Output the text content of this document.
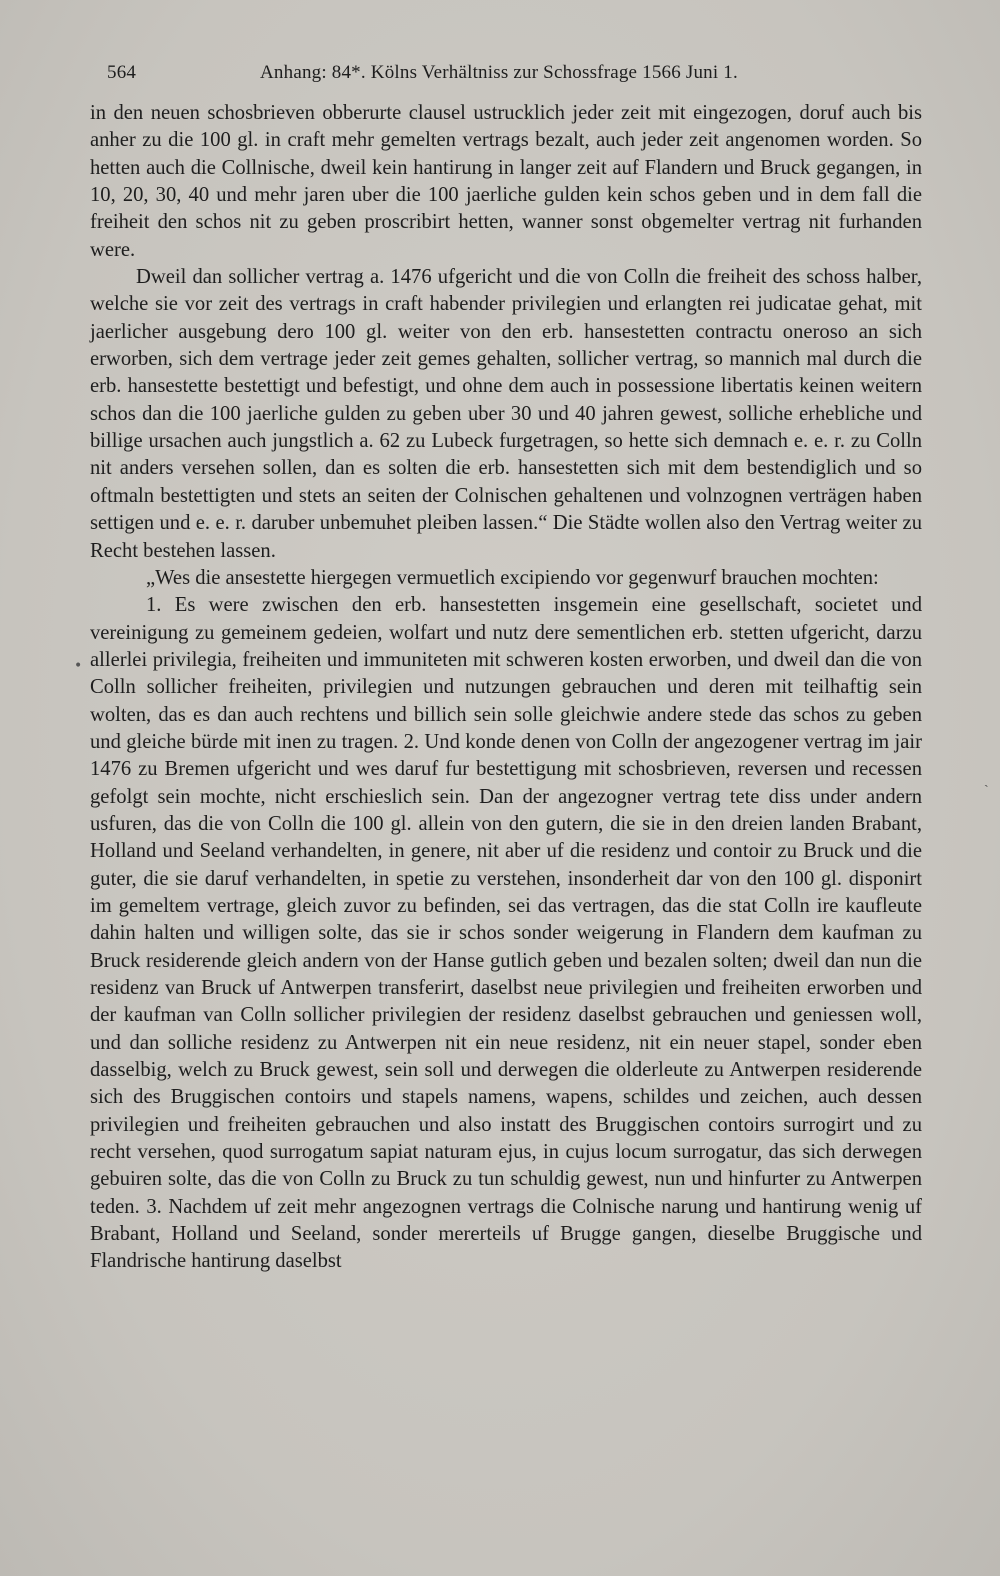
564	Anhang: 84*. Kölns Verhältniss zur Schossfrage 1566 Juni 1.

in den neuen schosbrieven obberurte clausel ustrucklich jeder zeit mit eingezogen, doruf auch bis anher zu die 100 gl. in craft mehr gemelten vertrags bezalt, auch jeder zeit angenomen worden. So hetten auch die Collnische, dweil kein hantirung in langer zeit auf Flandern und Bruck gegangen, in 10, 20, 30, 40 und mehr jaren uber die 100 jaerliche gulden kein schos geben und in dem fall die freiheit den schos nit zu geben proscribirt hetten, wanner sonst obgemelter vertrag nit furhanden were.

Dweil dan sollicher vertrag a. 1476 ufgericht und die von Colln die freiheit des schoss halber, welche sie vor zeit des vertrags in craft habender privilegien und erlangten rei judicatae gehat, mit jaerlicher ausgebung dero 100 gl. weiter von den erb. hansestetten contractu oneroso an sich erworben, sich dem vertrage jeder zeit gemes gehalten, sollicher vertrag, so mannich mal durch die erb. hansestette bestettigt und befestigt, und ohne dem auch in possessione libertatis keinen weitern schos dan die 100 jaerliche gulden zu geben uber 30 und 40 jahren gewest, solliche erhebliche und billige ursachen auch jungstlich a. 62 zu Lubeck furgetragen, so hette sich demnach e. e. r. zu Colln nit anders versehen sollen, dan es solten die erb. hansestetten sich mit dem bestendiglich und so oftmaln bestettigten und stets an seiten der Colnischen gehaltenen und volnzognen verträgen haben settigen und e. e. r. daruber unbemuhet pleiben lassen.“ Die Städte wollen also den Vertrag weiter zu Recht bestehen lassen.

„Wes die ansestette hiergegen vermuetlich excipiendo vor gegenwurf brauchen mochten:

1. Es were zwischen den erb. hansestetten insgemein eine gesellschaft, societet und vereinigung zu gemeinem gedeien, wolfart und nutz dere sementlichen erb. stetten ufgericht, darzu allerlei privilegia, freiheiten und immuniteten mit schweren kosten erworben, und dweil dan die von Colln sollicher freiheiten, privilegien und nutzungen gebrauchen und deren mit teilhaftig sein wolten, das es dan auch rechtens und billich sein solle gleichwie andere stede das schos zu geben und gleiche bürde mit inen zu tragen. 2. Und konde denen von Colln der angezogener vertrag im jair 1476 zu Bremen ufgericht und wes daruf fur bestettigung mit schosbrieven, reversen und recessen gefolgt sein mochte, nicht erschieslich sein. Dan der angezogner vertrag tete diss under andern usfuren, das die von Colln die 100 gl. allein von den gutern, die sie in den dreien landen Brabant, Holland und Seeland verhandelten, in genere, nit aber uf die residenz und contoir zu Bruck und die guter, die sie daruf verhandelten, in spetie zu verstehen, insonderheit dar von den 100 gl. disponirt im gemeltem vertrage, gleich zuvor zu befinden, sei das vertragen, das die stat Colln ire kaufleute dahin halten und willigen solte, das sie ir schos sonder weigerung in Flandern dem kaufman zu Bruck residerende gleich andern von der Hanse gutlich geben und bezalen solten; dweil dan nun die residenz van Bruck uf Antwerpen transferirt, daselbst neue privilegien und freiheiten erworben und der kaufman van Colln sollicher privilegien der residenz daselbst gebrauchen und geniessen woll, und dan solliche residenz zu Antwerpen nit ein neue residenz, nit ein neuer stapel, sonder eben dasselbig, welch zu Bruck gewest, sein soll und derwegen die olderleute zu Antwerpen residerende sich des Bruggischen contoirs und stapels namens, wapens, schildes und zeichen, auch dessen privilegien und freiheiten gebrauchen und also instatt des Bruggischen contoirs surrogirt und zu recht versehen, quod surrogatum sapiat naturam ejus, in cujus locum surrogatur, das sich derwegen gebuiren solte, das die von Colln zu Bruck zu tun schuldig gewest, nun und hinfurter zu Antwerpen teden. 3. Nachdem uf zeit mehr angezognen vertrags die Colnische narung und hantirung wenig uf Brabant, Holland und Seeland, sonder mererteils uf Brugge gangen, dieselbe Bruggische und Flandrische hantirung daselbst

•
ˏ
